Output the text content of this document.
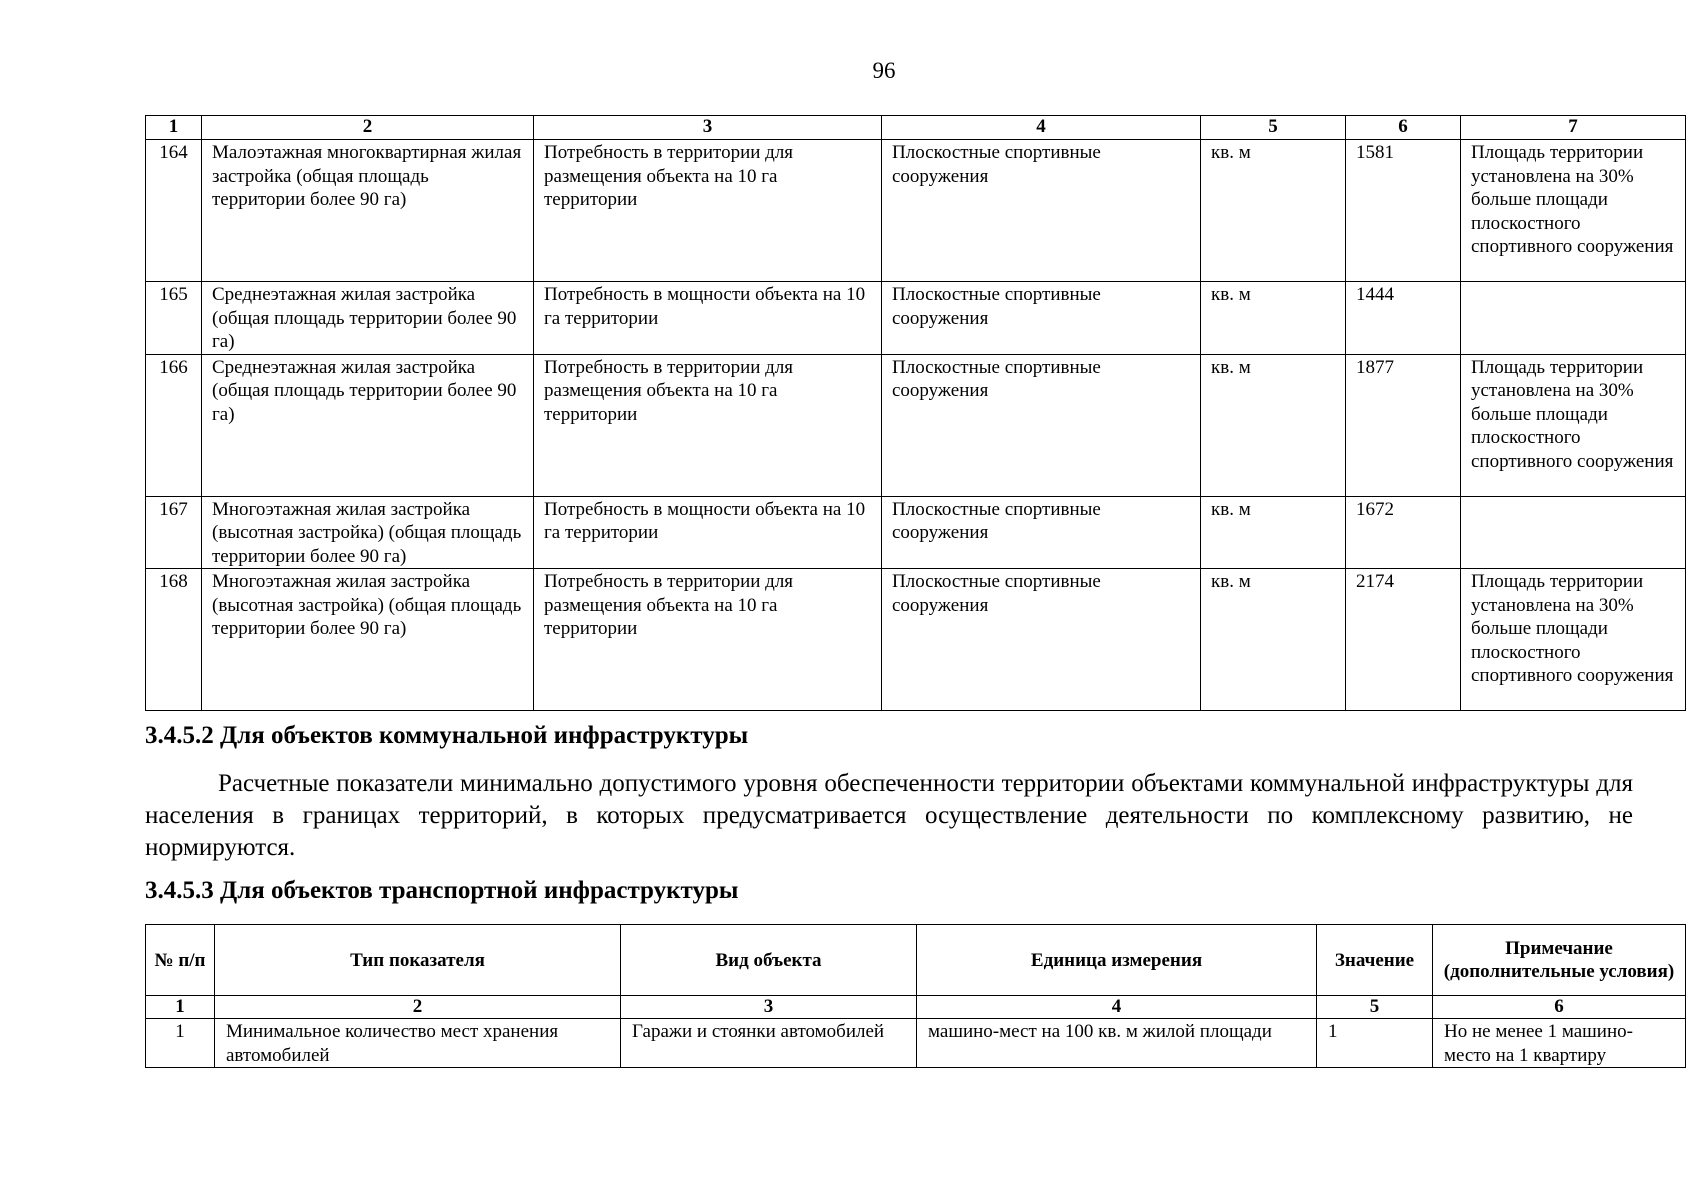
96
1	2	3	4	5	6	7
164	Малоэтажная многоквартирная жилая застройка (общая площадь территории более 90 га)	Потребность в территории для размещения объекта на 10 га территории	Плоскостные спортивные сооружения	кв. м	1581	Площадь территории установлена на 30% больше площади плоскостного спортивного сооружения
165	Среднеэтажная жилая застройка (общая площадь территории более 90 га)	Потребность в мощности объекта на 10 га территории	Плоскостные спортивные сооружения	кв. м	1444	
166	Среднеэтажная жилая застройка (общая площадь территории более 90 га)	Потребность в территории для размещения объекта на 10 га территории	Плоскостные спортивные сооружения	кв. м	1877	Площадь территории установлена на 30% больше площади плоскостного спортивного сооружения
167	Многоэтажная жилая застройка (высотная застройка) (общая площадь территории более 90 га)	Потребность в мощности объекта на 10 га территории	Плоскостные спортивные сооружения	кв. м	1672	
168	Многоэтажная жилая застройка (высотная застройка) (общая площадь территории более 90 га)	Потребность в территории для размещения объекта на 10 га территории	Плоскостные спортивные сооружения	кв. м	2174	Площадь территории установлена на 30% больше площади плоскостного спортивного сооружения
3.4.5.2 Для объектов коммунальной инфраструктуры
Расчетные показатели минимально допустимого уровня обеспеченности территории объектами коммунальной инфраструктуры для населения в границах территорий, в которых предусматривается осуществление деятельности по комплексному развитию, не нормируются.
3.4.5.3 Для объектов транспортной инфраструктуры
№ п/п	Тип показателя	Вид объекта	Единица измерения	Значение	Примечание (дополнительные условия)
1	2	3	4	5	6
1	Минимальное количество мест хранения автомобилей	Гаражи и стоянки автомобилей	машино-мест на 100 кв. м жилой площади	1	Но не менее 1 машино-место на 1 квартиру
